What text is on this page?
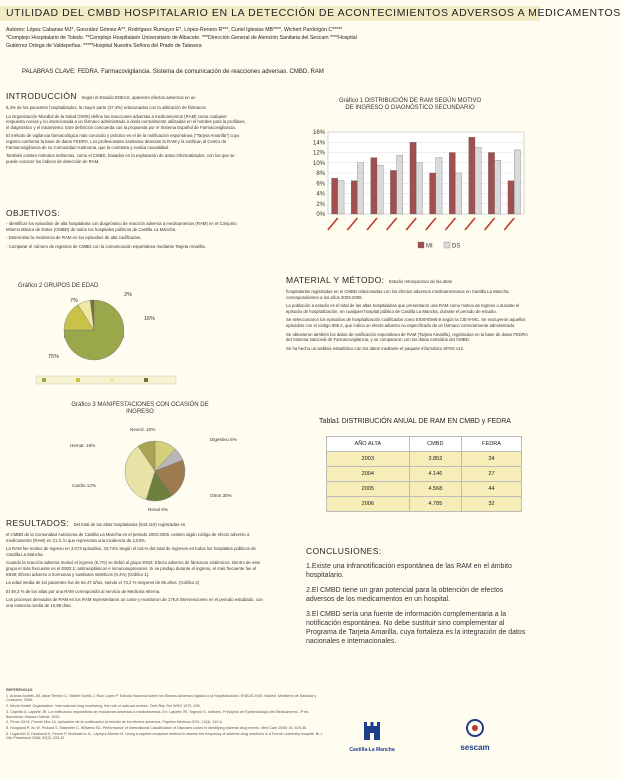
UTILIDAD DEL CMBD HOSPITALARIO EN LA DETECCIÓN DE ACONTECIMIENTOS ADVERSOS A MEDICAMENTOS
Autores: López Cabanas MJ*, González Gómez A**, Rodríguez Rumayor E*, López-Renero R***, Curiel Iglesias MB****, Wichert Pardo/gón C*****
*Complejo Hospitalario de Toledo. **Complejo Hospitalario Universitario de Albacete. ***Dirección General de Atención Sanitaria del Sescam ****Hospital
Gutiérrez Ortega de Valdepeñas. *****Hospital Nuestra Señora del Prado de Talavera
PALABRAS CLAVE: FEDRA. Farmacovigilancia. Sistema de comunicación de reacciones adversas. CMBD. RAM
INTRODUCCIÓN Según el Estudio ENEAS, aparecen efectos adversos en un

8,4% de los pacientes hospitalizados, la mayor parte (37,4%) relacionados con la utilización de fármacos.

La Organización Mundial de la Salud (OMS) define las reacciones adversas a medicamentos (RAM) como cualquier respuesta nociva y no intencionada a un fármaco administrado a dosis normalmente utilizadas en el hombre para la profilaxis, el diagnóstico y el tratamiento. Este definición concuerda con la propuesta por el Sistema Español de Farmacovigilancia.

El método de vigilancia farmacológica más conocido y práctico es el de la notificación espontánea ("Tarjeta Amarilla") cuyo registro conforma la base de datos FEDRA. Los profesionales sanitarios detectan la RAM y la notifican al Centro de Farmacovigilancia de su Comunidad Autónoma, que la contrasta y evalúa causalidad.

También existen métodos indirectos, como el CMBD, basados en la explotación de datos informatizados, con los que se puede conocer los índices de detección de RAM.

OBJETIVOS:

- Identificar los episodios de alta hospitalaria con diagnóstico de reacción adversa a medicamentos (RAM) en el Conjunto Mínimo Básico de Datos (CMBD) de todos los hospitales públicos de Castilla La Mancha.

- Determinar la incidencia de RAM en los episodios de alta codificados.

- Comparar el número de registros de CMBD con la comunicación espontánea mediante Tarjeta Amarilla.

Gráfico 1 DISTRIBUCIÓN DE RAM SEGÚN MOTIVO
DE INGRESO O DIAGNÓSTICO SECUNDARIO
0%
2%
4%
6%
8%
10%
12%
14%
16%
MI	DS
Gráfico 2 GRUPOS DE EDAD
7%
2%
16%
75%
Gráfico 3 MANIFESTACIONES CON OCASIÓN DE
INGRESO
Neurol. 10%
Digestivo 6%
Hemat. 18%
Cardio 12%
Otros 30%
Renal 8%
RESULTADOS: Del total de las altas hospitalarias (643.119) registradas en

el CMBD de la Comunidad Autónoma de Castilla La Mancha en el periodo 2003-2006, existen algún código de efecto adverso a medicamento (RAM) en 21.3, lo que representa una incidencia de 2,53%.

La RAM fue motivo de ingreso en 3.073 episodios, 23,74% Según el Ind.% del total de ingresos en todos los hospitales públicos de Castilla La Mancha.

Cuando la reacción adversa motivó el ingreso (5,7%) se debió al grupo E933; Efecto adverso de fármacos sistémicos. Dentro de este grupo el más frecuente es el E933.1; antineoplásicos e inmunosupresores. Si se produjo durante el ingreso, el más frecuente fue el E938; Efecto adverso a hormonas y sustitutos sintéticos (9,4%) (Gráfico 1).

La edad media de los pacientes fue de 64,47 años, siendo el 73,2 % mayores de 65 años. (Gráfico 2)

El 49,3 % de los altas por una RAM correspondió al servicio de Medicina Interna.

Los procesos derivados de RAM en los RAM representaron un coste y mostraron de 176,8 intervenciones en el periodo estudiado, con una estancia media de 10,88 días.

REFERENCIAS
1. Aranaz Andrés JM, Aibar Remón C, Vitaller Burillo J, Ruiz López P. Estudio Nacional sobre los Efectos Adversos ligados a la Hospitalización. ENEAS 2005. Madrid: Ministerio de Sanidad y Consumo; 2006.
2. World Health Organization. International drug monitoring: the role of national centres. Tech Rep Ser WHO 1972; 498.
3. Capellà D, Laporte JR. La notificación espontánea de reacciones adversas a medicamentos. En: Laporte JR, Tognoni G, editores. Principios de Epidemiología del Medicamento. 2ª ed. Barcelona: Masson-Salvat; 1993.
4. Pérez Gil M, Puente Mur JA. Aplicación de la codificación al estudio de los efectos adversos. Papeles Médicos 2001; 10(3): 142-6.
5. Hougland P, Xu W, Pickard S, Masheter C, Williams SD. Performance of International Classification of Diseases codes in identifying adverse drug events. Med Care 2006; 44: 629-36.
6. Lugardon S, Desboeuf K, Fernet P, Montastruc JL, Lapeyre-Mestre M. Using a capture-recapture method to assess the frequency of adverse drug reactions in a French university hospital. Br J Clin Pharmacol 2006; 62(2): 225-31.
MATERIAL Y MÉTODO: Estudio retrospectivo de las altas

hospitalarias registradas en el CMBD relacionadas con los efectos adversos medicamentosos en Castilla La Mancha, correspondientes a los años 2003-2006.

La población a estudio es el total de las altas hospitalarias que presentaron una RAM como motivo de ingreso o durante el episodio de hospitalización, en cualquier hospital público de Castilla La Mancha, durante el periodo de estudio.

Se seleccionaron los episodios de hospitalización codificados como E930-E949.9 según la CIE-9-MC. Se excluyeron aquellos episodios con el código 995.2, que indica un efecto adverso no especificado de un fármaco correctamente administrado.

Se obtuvieron también los datos de notificación espontánea de RAM (Tarjeta Amarilla), registrados en la base de datos FEDRA del Sistema Nacional de Farmacovigilancia, y se compararon con los datos extraídos del CMBD.

Se ha hecho un análisis estadístico con los datos mediante el paquete informático SPSS v12.

Tabla1 DISTRIBUCIÓN ANUAL DE RAM EN CMBD y FEDRA
AÑO ALTA	CMBD	FEDRA
2003	3.852	34
2004	4.146	27
2005	4.568	44
2006	4.785	32
CONCLUSIONES:

1.Existe una infranotificación espontánea de las RAM en el ámbito hospitalario.

2.El CMBD tiene un gran potencial para la obtención de efectos adversos de los medicamentos en un hospital.

3.El CMBD sería una fuente de información complementaria a la notificación espontánea. No debe sustituir sino complementar al Programa de Tarjeta Amarilla, cuya fortaleza es la integración de datos nacionales e internacionales.

Castilla-La Mancha	sescam
